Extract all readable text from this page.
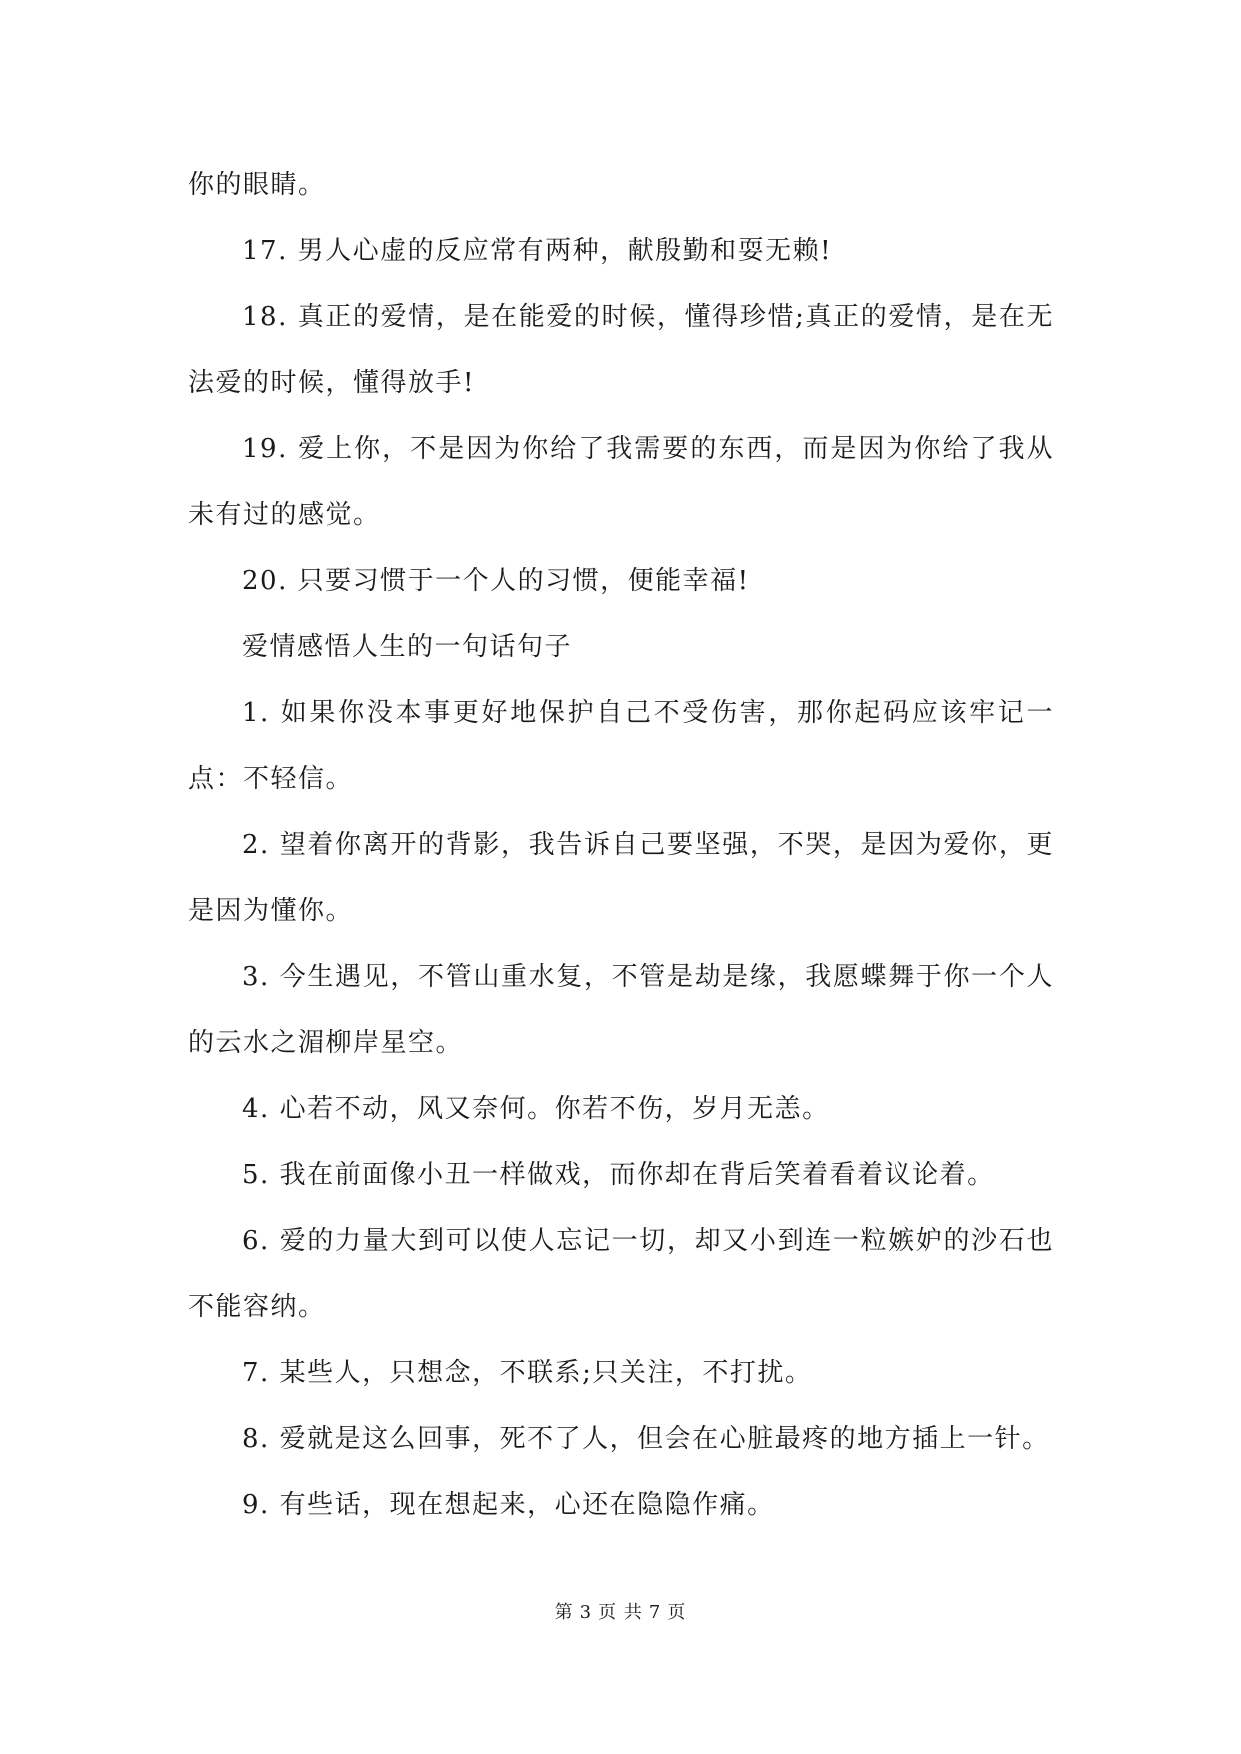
你的眼睛。

17. 男人心虚的反应常有两种，献殷勤和耍无赖!

18. 真正的爱情，是在能爱的时候，懂得珍惜;真正的爱情，是在无法爱的时候，懂得放手!

19. 爱上你，不是因为你给了我需要的东西，而是因为你给了我从未有过的感觉。

20. 只要习惯于一个人的习惯，便能幸福!

爱情感悟人生的一句话句子

1. 如果你没本事更好地保护自己不受伤害，那你起码应该牢记一点：不轻信。

2. 望着你离开的背影，我告诉自己要坚强，不哭，是因为爱你，更是因为懂你。

3. 今生遇见，不管山重水复，不管是劫是缘，我愿蝶舞于你一个人的云水之湄柳岸星空。

4. 心若不动，风又奈何。你若不伤，岁月无恙。

5. 我在前面像小丑一样做戏，而你却在背后笑着看着议论着。

6. 爱的力量大到可以使人忘记一切，却又小到连一粒嫉妒的沙石也不能容纳。

7. 某些人，只想念，不联系;只关注，不打扰。

8. 爱就是这么回事，死不了人，但会在心脏最疼的地方插上一针。

9. 有些话，现在想起来，心还在隐隐作痛。

第 3 页 共 7 页
